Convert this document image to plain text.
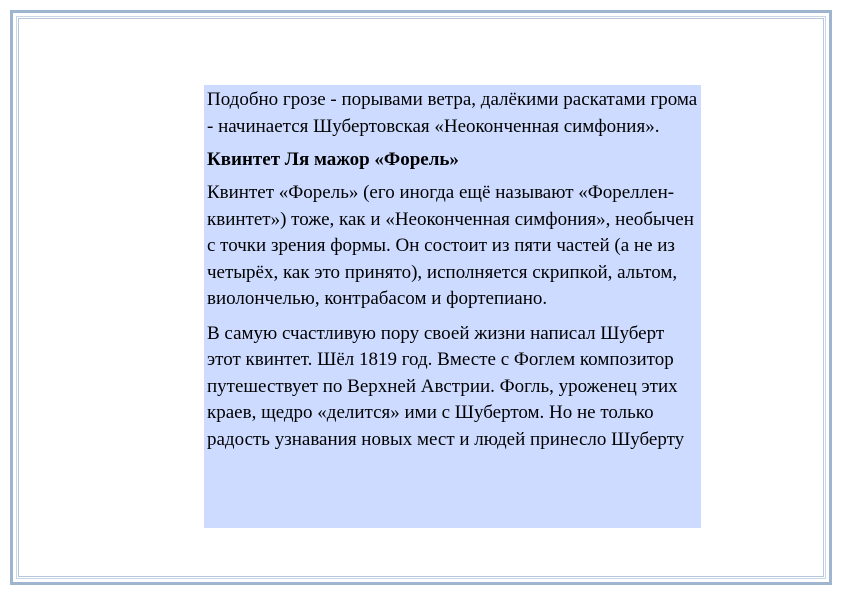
Подобно грозе - порывами ветра, далёкими раскатами грома - начинается Шубертовская «Неоконченная симфония».

Квинтет Ля мажор «Форель»

Квинтет «Форель» (его иногда ещё называют «Фореллен-квинтет») тоже, как и «Неоконченная симфония», необычен с точки зрения формы. Он состоит из пяти частей (а не из четырёх, как это принято), исполняется скрипкой, альтом, виолончелью, контрабасом и фортепиано.

В самую счастливую пору своей жизни написал Шуберт этот квинтет. Шёл 1819 год. Вместе с Фоглем композитор путешествует по Верхней Австрии. Фогль, уроженец этих краев, щедро «делится» ими с Шубертом. Но не только радость узнавания новых мест и людей принесло Шуберту
